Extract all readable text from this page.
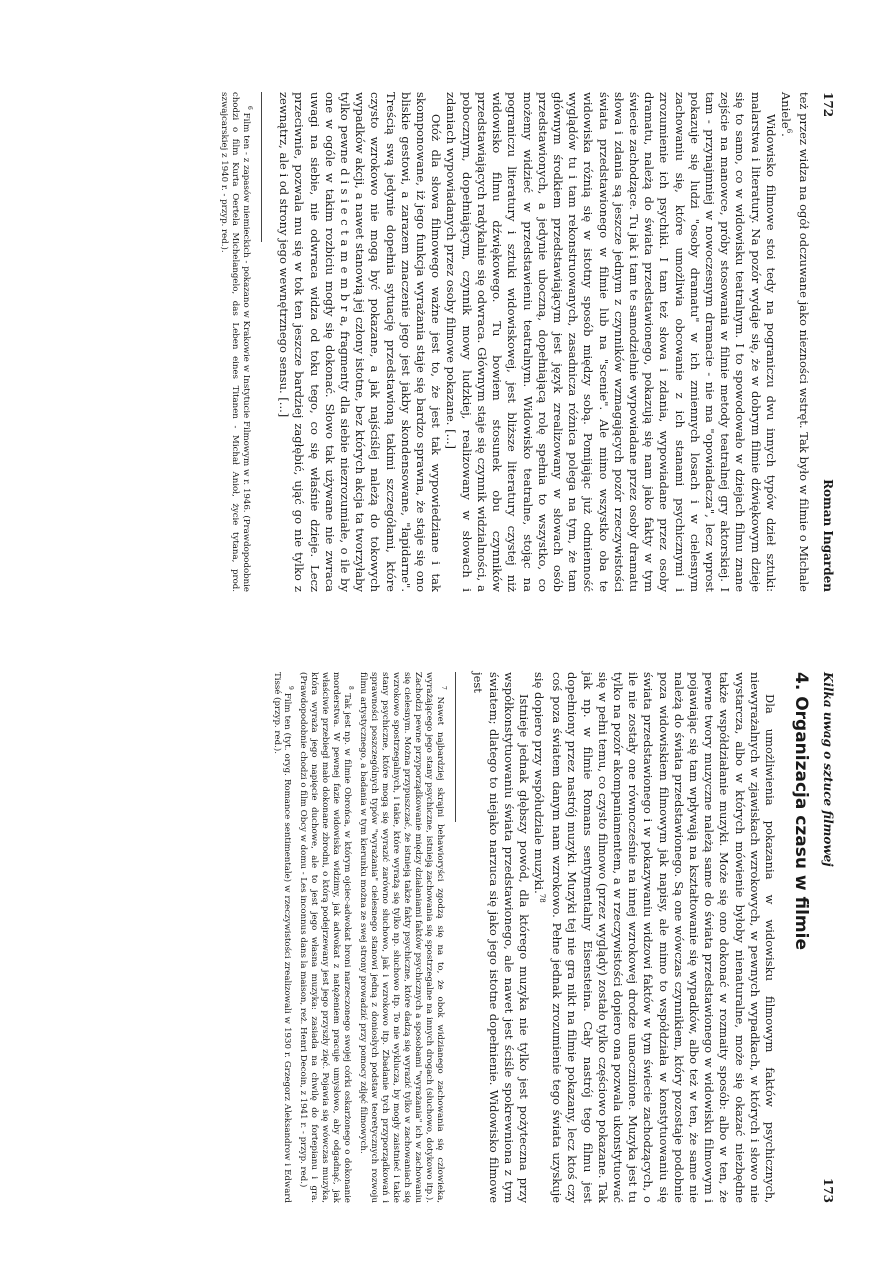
172
Roman Ingarden

też przez widza na ogół odczuwane jako niezności wstręt. Tak było w filmie o Michale Aniele$^6$.

Widowisko filmowe stoi tedy na pograniczu dwu innych typów dzieł sztuki: malarstwa i literatury. Na pozór wydaje się, że w dobrym filmie dźwiękowym dzieje się to samo, co w widowisku teatralnym. I to spowodowało w dziejach filmu znane zejście na manowce, próby stosowania w filmie metody teatralnej gry aktorskiej. I tam - przynajmniej w nowoczesnym dramacie - nie ma "opowiadacza", lecz wprost pokazuje się ludzi "osoby dramatu" w ich zmiennych losach i w cielesnym zachowaniu się, które umożliwia obcowanie z ich stanami psychicznymi i zrozumienie ich psychiki. I tam też słowa i zdania, wypowiadane przez osoby dramatu, należą do świata przedstawionego, pokazują się nam jako fakty w tym świecie zachodzące. Tu jak i tam te samodzielnie wypowiadane przez osoby dramatu słowa i zdania są jeszcze jednym z czynników wzmagających pozór rzeczywistości świata przedstawionego w filmie lub na "scenie". Ale mimo wszystko oba te widowiska różnią się w istotny sposób między sobą. Pomijając już odmienność wyglądów tu i tam rekonstruowanych, zasadnicza różnica polega na tym, że tam głównym środkiem przedstawiającym jest język zrealizowany w słowach osób przedstawionych, a jedynie uboczną, dopełniającą rolę spełnia to wszystko, co możemy widzieć w przedstawieniu teatralnym. Widowisko teatralne, stojąc na pograniczu literatury i sztuki widowiskowej, jest bliższe literatury czystej niż widowisko filmu dźwiękowego. Tu bowiem stosunek obu czynników przedstawiających radykalnie się odwraca. Głównym staje się czynnik widzialności, a pobocznym, dopełniającym, czynnik mowy ludzkiej, realizowany w słowach i zdaniach wypowiadanych przez osoby filmowe pokazane. [...]

Otóż dla słowa filmowego ważne jest to, że jest tak wypowiedziane i tak skomponowane, iż jego funkcja wyrażania staje się bardzo sprawna, że staje się ono bliskie gestowi, a zarazem znaczenie jego jest jakby skondensowane, "łapidarne". Treścią swą jedynie dopełnia sytuację przedstawioną takimi szczegółami, które czysto wzrokowo nie mogą być pokazane, a jak najściślej należą do tokowych wypadków akcji, a nawet stanowią jej człony istotne, bez których akcja ta tworzyłaby tylko pewne d i s i e c t a m e m b r a, fragmenty dla siebie niezrozumiałe, o ile by one w ogóle w takim rozbiciu mogły się dokonać. Słowo tak używane nie zwraca uwagi na siebie, nie odwraca widza od toku tego, co się właśnie dzieje. Lecz przeciwnie, pozwala mu się w tok ten jeszcze bardziej zagłębić, ująć go nie tylko z zewnątrz, ale i od strony jego wewnętrznego sensu. [...]

$^6$ Film ten - z zapasów niemieckich - pokazano w Krakowie w Instytucie Filmowym w r. 1946. (Prawdopodobnie chodzi o film Kurta Oertela Michelangelo, das Leben eines Titanen - Michał Anioł, życie tytana, prod. szwajcarskiej z 1940 r. - przyp. red.).

Kilka uwag o sztuce filmowej
173
4. Organizacja czasu w filmie

Dla umożliwienia pokazania w widowisku filmowym faktów psychicznych, niewyrażalnych w zjawiskach wzrokowych, w pewnych wypadkach, w których i słowo nie wystarcza, albo w których mówienie byłoby nienaturalne, może się okazać niezbędne także współdziałanie muzyki. Może się ono dokonać w rozmaity sposób: albo w ten, że pewne twory muzyczne należą same do świata przedstawionego w widowisku filmowym i pojawiając się tam wpływają na kształtowanie się wypadków, albo też w ten, że same nie należą do świata przedstawionego. Są one wówczas czynnikiem, który pozostaje podobnie poza widowiskiem filmowym jak napisy, ale mimo to współdziała w konstytuowaniu się świata przedstawionego i w pokazywaniu widzowi faktów w tym świecie zachodzących, o ile nie zostały one równocześnie na innej wzrokowej drodze unaocznione. Muzyka jest tu tylko na pozór akompaniamentem, a w rzeczywistości dopiero ona pozwala ukonstytuować się w pełni temu, co czysto filmowo (przez wyglądy) zostało tylko częściowo pokazane. Tak jak np. w filmie Romans sentymentalny Eisensteina. Cały nastrój tego filmu jest dopełniony przez nastrój muzyki. Muzyki tej nie gra nikt na filmie pokazany, lecz ktoś czy coś poza światem danym nam wzrokowo. Pełne jednak zrozumienie tego świata uzyskuje się dopiero przy współudziale muzyki.$^{78}$

Istnieje jednak głębszy powód, dla którego muzyka nie tylko jest pożyteczna przy współkonstytuowaniu świata przedstawionego, ale nawet jest ściśle spokrewniona z tym światem; dlatego to niejako narzuca się jako jego istotne dopełnienie. Widowisko filmowe jest

$^7$ Nawet najbardziej skrajni behawioryści zgodzą się na to, że obok widzianego zachowania się człowieka, wyrażającego jego stany psychiczne, istnieją zachowania się spostrzegalne na innych drogach (słuchowo, dotykowo itp.). Zachodzi pewne przyporządkowanie między działaniami faktów psychicznych a sposobami "wyrażania" ich w zachowaniu się cielesnym. Można przypuszczać, że istnieją także fakty psychiczne, które dadzą się wyrazić tylko w zachowaniach się wzrokowo spostrzegalnych, i takie, które wyrażą się tylko np. słuchowo itp. To nie wyklucza, by mogły zaistnieć i takie stany psychiczne, które mogą się wyrazić zarówno słuchowo, jak i wzrokowo itp. Zbadanie tych przyporządkowań i sprawności poszczególnych typów "wyrażania" cielesnego stanowi jedną z doniosłych podstaw teoretycznych rozwoju filmu artystycznego, a badania w tym kierunku można ze swej strony prowadzić przy pomocy zdjęć filmowych.

$^8$ Tak jest np. w filmie Obrońca, w którym ojciec-adwokat broni narzeczonego swojej córki oskarżonego o dokonanie morderstwa. W pewnej fazie widowiska widzimy, jak adwokat z natężeniem pracuje umysłowo, aby odgadnąć, jak właściwie przebiegł mało dokonane zbrodni, o którą podejrzewany jest jego przyszły zięć. Pojawia się wówczas muzyka, która wyraża jego napięcie duchowe, ale to jest jego własna muzyka: zasiada na chwilę do fortepianu i gra. (Prawdopodobnie chodzi o film Obcy w domu - Les inconnus dans la maison, reż. Henri Decoin, z 1941 r. - przyp. red.)

$^9$ Film ten (tyt. oryg. Romance sentimentale) w rzeczywistości zrealizowali w 1930 r. Grzegorz Aleksandrow i Edward Tissé (przyp. red.).
